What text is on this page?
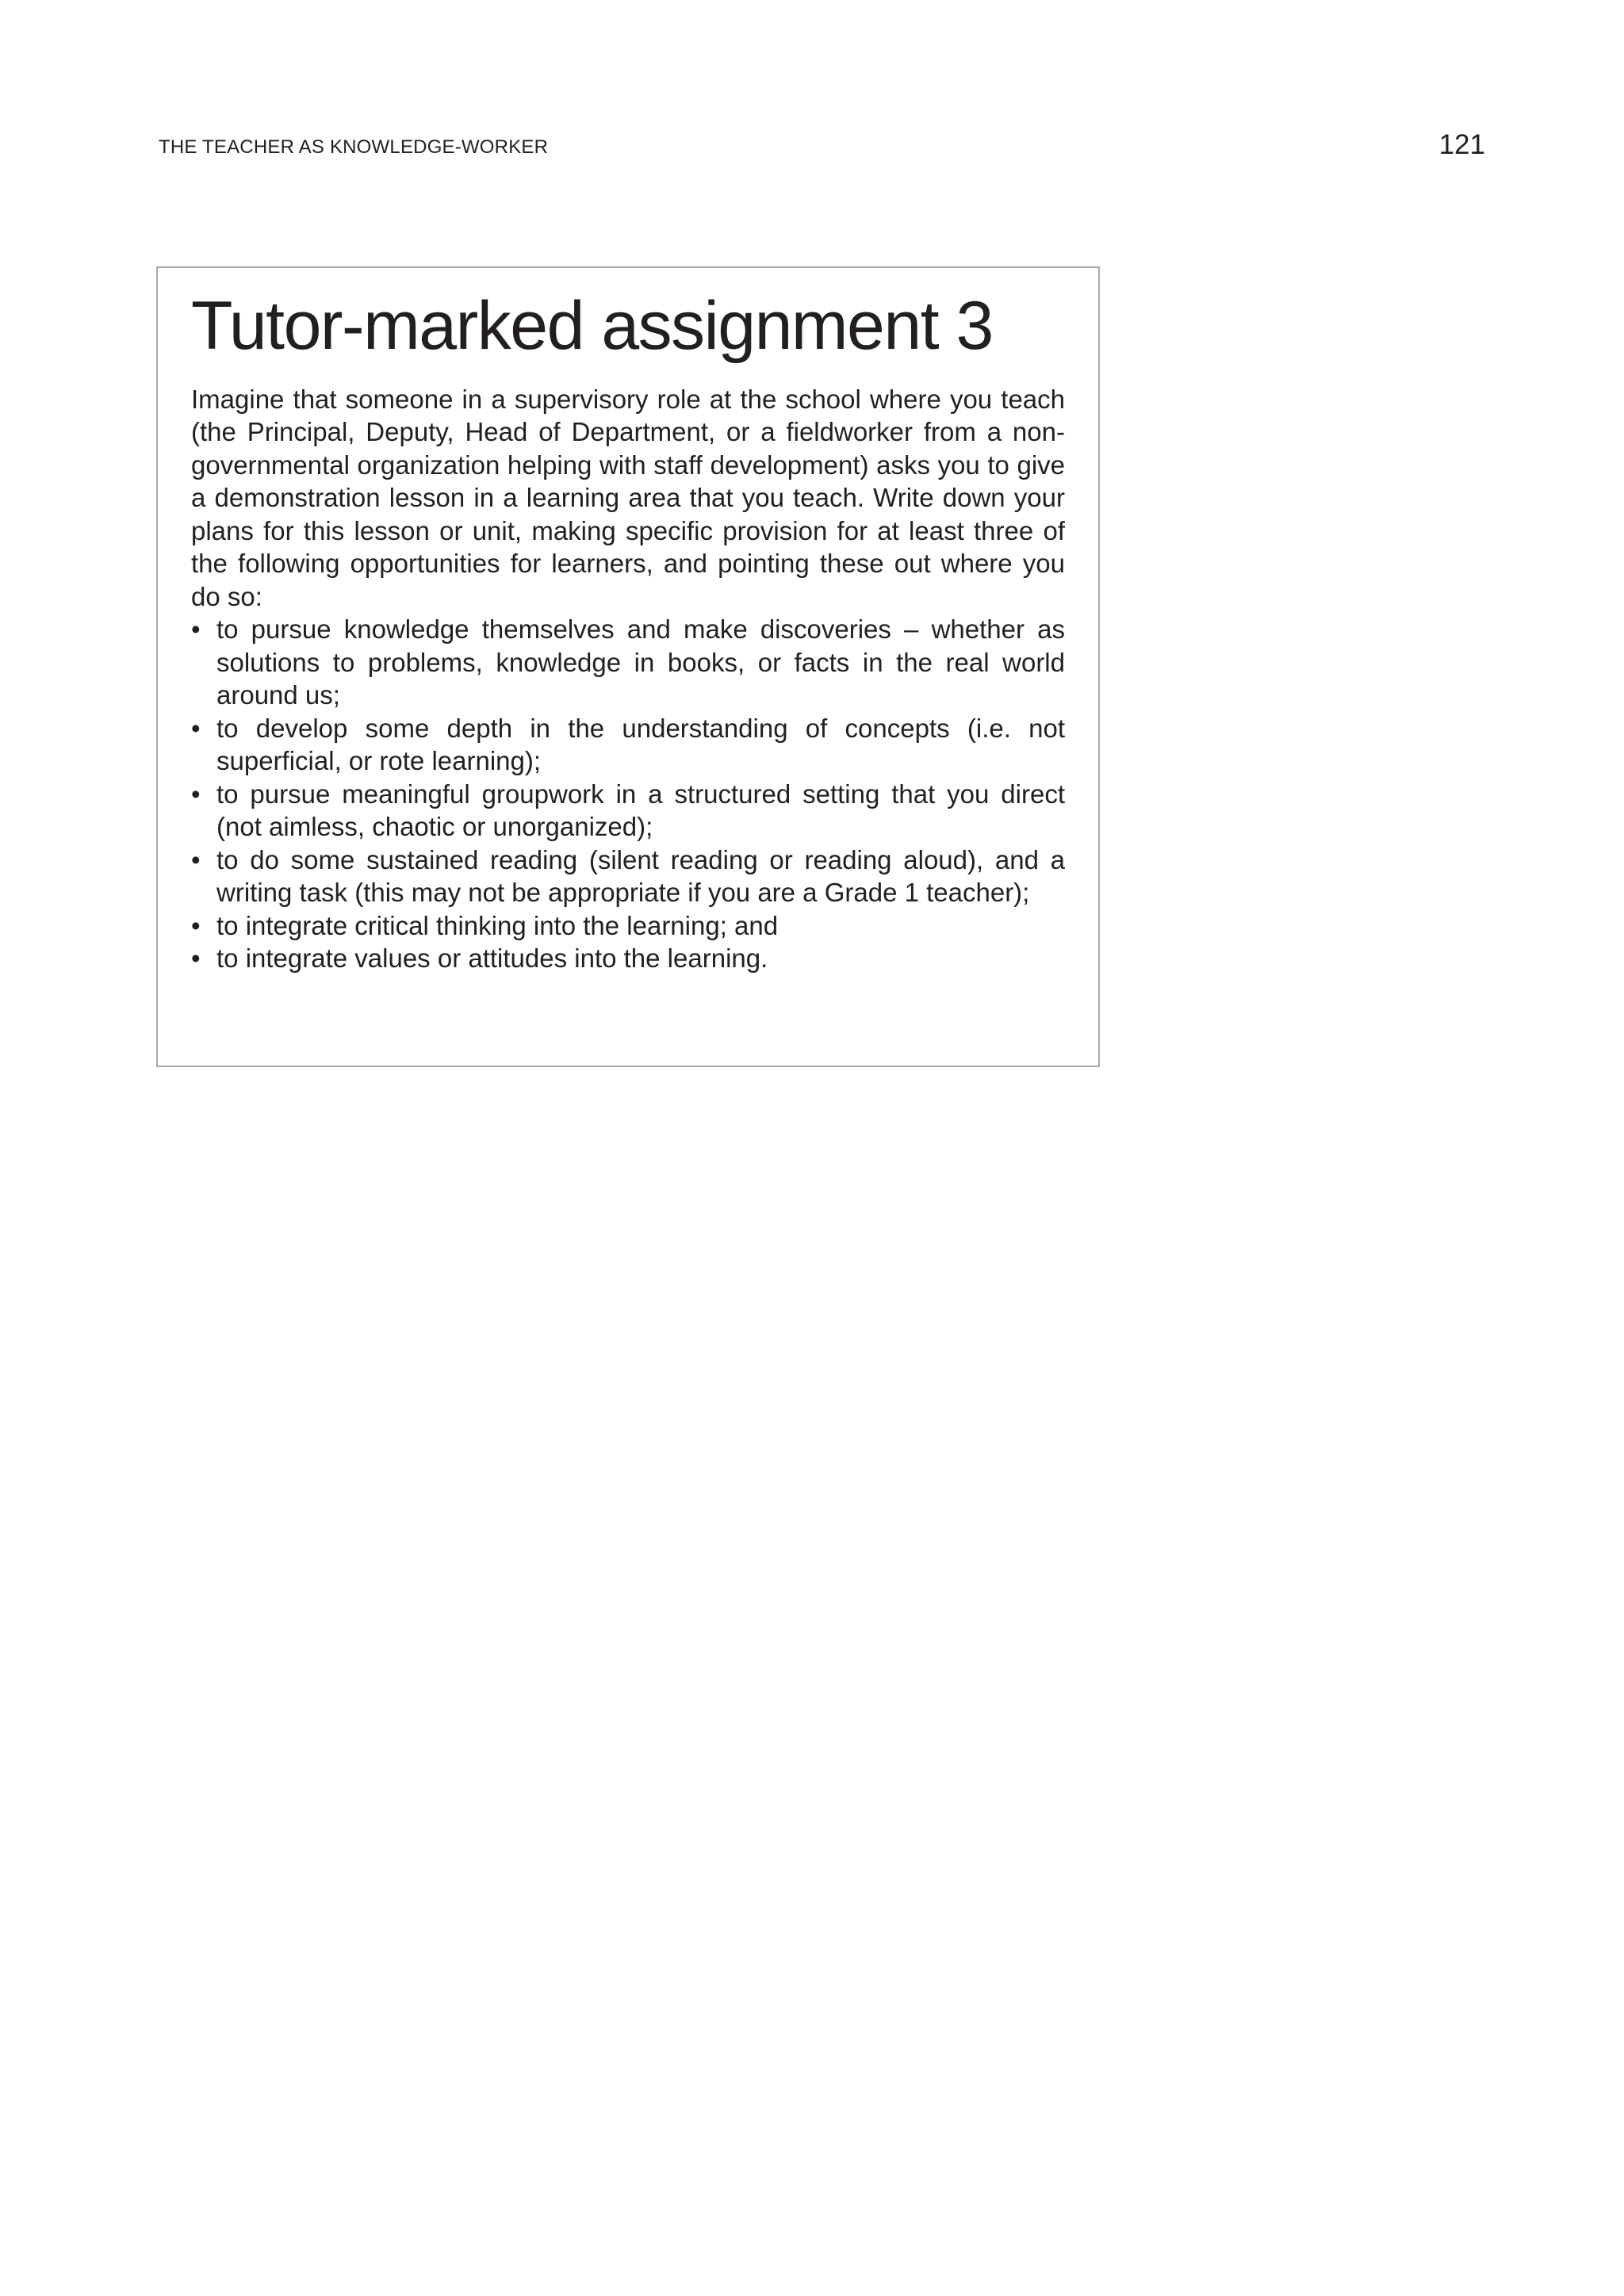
THE TEACHER AS KNOWLEDGE-WORKER	121
Tutor-marked assignment 3

Imagine that someone in a supervisory role at the school where you teach (the Principal, Deputy, Head of Department, or a fieldworker from a non-governmental organization helping with staff development) asks you to give a demonstration lesson in a learning area that you teach. Write down your plans for this lesson or unit, making specific provision for at least three of the following opportunities for learners, and pointing these out where you do so:

• to pursue knowledge themselves and make discoveries – whether as solutions to problems, knowledge in books, or facts in the real world around us;
• to develop some depth in the understanding of concepts (i.e. not superficial, or rote learning);
• to pursue meaningful groupwork in a structured setting that you direct (not aimless, chaotic or unorganized);
• to do some sustained reading (silent reading or reading aloud), and a writing task (this may not be appropriate if you are a Grade 1 teacher);
• to integrate critical thinking into the learning; and
• to integrate values or attitudes into the learning.
